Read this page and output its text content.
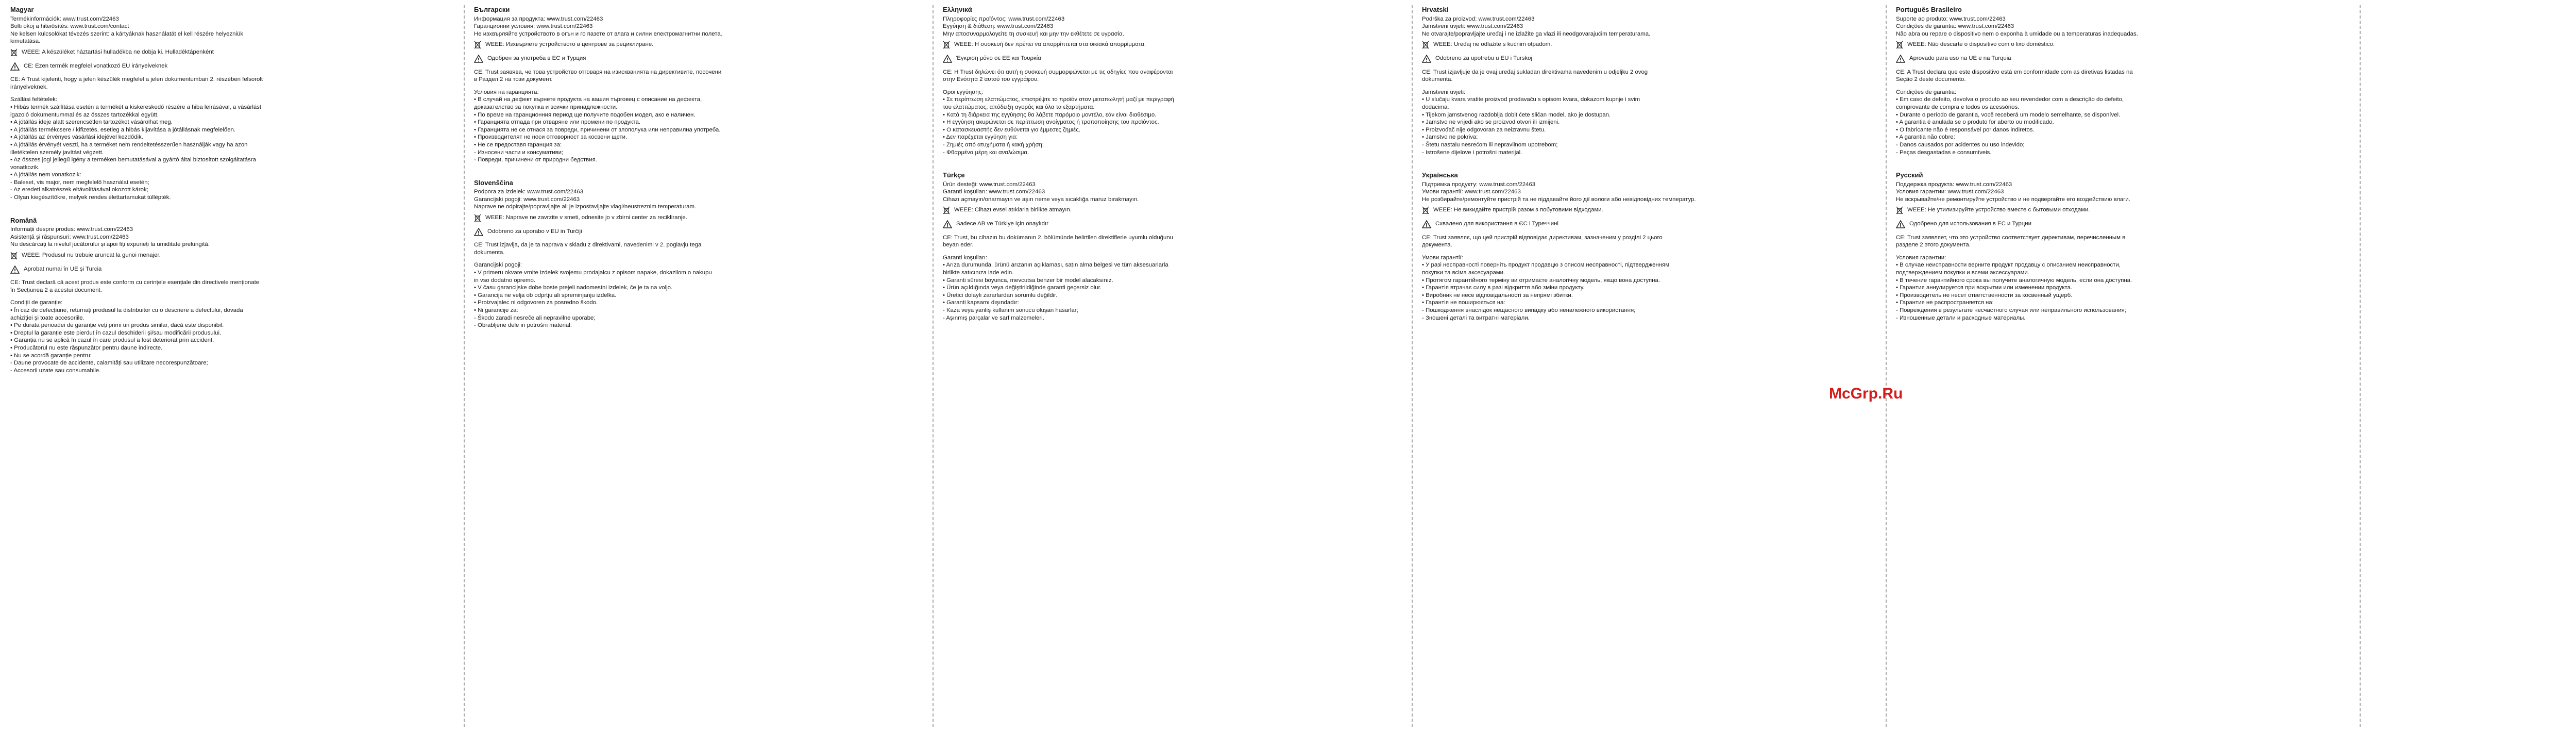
Magyar
Termékinformációk: www.trust.com/22463
Bolti okoj a hiteiösítés: www.trust.com/contact
Ne kelsen kulcsolókat tévezés szerint: a kártyáknak használatát el kell részére helyezniük
kimutatása.
WEEE: A készüléket háztartási hulladékba ne dobja ki. Hulladéktápenként
CE: Ezen termék megfelel vonatkozó EU irányelveknek
CE: A Trust kijelenti, hogy a jelen készülék megfelel a jelen dokumentumban 2. részében felsorolt
irányelveknek.
Szállási feltételek:
• Hibás termék szállítása esetén a termékét a kiskereskedő részére a hiba leírásával, a vásárlást
igazoló dokumentummal és az összes tartozékkal együtt.
• A jótállás ideje alatt szerencsétlen tartozékot vásárolhat meg.
• A jótállás termékcsere / kifizetés, esetleg a hibás kijavítása a jótállásnak megfelelően.
• A jótállás az érvényes vásárlási idejével kezdődik.
• A jótállás érvényét veszti, ha a terméket nem rendeltetésszerűen használják vagy ha azon
illetéktelen személy javítást végzett.
• Az összes jogi jellegű igény a terméken bemutatásával a gyártó által biztosított szolgáltatásra
vonatkozik.
• A jótállás nem vonatkozik:
- Baleset, vis major, nem megfelelő használat esetén;
- Az eredeti alkatrészek eltávolításával okozott károk;
- Olyan kiegészítőkre, melyek rendes élettartamukat túllépték.
Română
Informații despre produs: www.trust.com/22463
Asistență și răspunsuri: www.trust.com/22463
Nu descărcați la nivelul jucătorului și apoi fiți expuneți la umiditate prelungită.
WEEE: Produsul nu trebuie aruncat la gunoi menajer.
Aprobat numai în UE și Turcia
CE: Trust declară că acest produs este conform cu cerințele esențiale din directivele menționate
în Secțiunea 2 a acestui document.
Condiții de garanție:
• În caz de defecțiune, returnați produsul la distribuitor cu o descriere a defectului, dovada
achiziției și toate accesoriile.
• Pe durata perioadei de garanție veți primi un produs similar, dacă este disponibil.
• Dreptul la garanție este pierdut în cazul deschiderii și/sau modificării produsului.
• Garanția nu se aplică în cazul în care produsul a fost deteriorat prin accident.
• Producătorul nu este răspunzător pentru daune indirecte.
• Nu se acordă garanție pentru:
- Daune provocate de accidente, calamități sau utilizare necorespunzătoare;
- Accesorii uzate sau consumabile.
Български
Информация за продукта: www.trust.com/22463
Гаранционни условия: www.trust.com/22463
Не изхвърляйте устройството в огън и го пазете от влага и силни електромагнитни полета.
WEEE: Изхвърлете устройството в центрове за рециклиране.
Одобрен за употреба в ЕС и Турция
CE: Trust заявява, че това устройство отговаря на изискванията на директивите, посочени
в Раздел 2 на този документ.
Условия на гаранцията:
• В случай на дефект върнете продукта на вашия търговец с описание на дефекта,
доказателство за покупка и всички принадлежности.
• По време на гаранционния период ще получите подобен модел, ако е наличен.
• Гаранцията отпада при отваряне или промени по продукта.
• Гаранцията не се отнася за повреди, причинени от злополука или неправилна употреба.
• Производителят не носи отговорност за косвени щети.
• Не се предоставя гаранция за:
- Износени части и консумативи;
- Повреди, причинени от природни бедствия.
Slovenščina
Podpora za izdelek: www.trust.com/22463
Garancijski pogoji: www.trust.com/22463
Naprave ne odpirajte/popravljajte ali je izpostavljajte vlagi/neustreznim temperaturam.
WEEE: Naprave ne zavrzite v smeti, odnesite jo v zbirni center za recikliranje.
Odobreno za uporabo v EU in Turčiji
CE: Trust izjavlja, da je ta naprava v skladu z direktivami, navedenimi v 2. poglavju tega
dokumenta.
Garancijski pogoji:
• V primeru okvare vrnite izdelek svojemu prodajalcu z opisom napake, dokazilom o nakupu
in vso dodatno opremo.
• V času garancijske dobe boste prejeli nadomestni izdelek, če je ta na voljo.
• Garancija ne velja ob odprtju ali spreminjanju izdelka.
• Proizvajalec ni odgovoren za posredno škodo.
• Ni garancije za:
- Škodo zaradi nesreče ali nepravilne uporabe;
- Obrabljene dele in potrošni material.
Ελληνικά
Πληροφορίες προϊόντος: www.trust.com/22463
Εγγύηση & διάθεση: www.trust.com/22463
Μην αποσυναρμολογείτε τη συσκευή και μην την εκθέτετε σε υγρασία.
WEEE: Η συσκευή δεν πρέπει να απορρίπτεται στα οικιακά απορρίμματα.
Έγκριση μόνο σε ΕΕ και Τουρκία
CE: Η Trust δηλώνει ότι αυτή η συσκευή συμμορφώνεται με τις οδηγίες που αναφέρονται
στην Ενότητα 2 αυτού του εγγράφου.
Όροι εγγύησης:
• Σε περίπτωση ελαττώματος, επιστρέψτε το προϊόν στον μεταπωλητή μαζί με περιγραφή
του ελαττώματος, απόδειξη αγοράς και όλα τα εξαρτήματα.
• Κατά τη διάρκεια της εγγύησης θα λάβετε παρόμοιο μοντέλο, εάν είναι διαθέσιμο.
• Η εγγύηση ακυρώνεται σε περίπτωση ανοίγματος ή τροποποίησης του προϊόντος.
• Ο κατασκευαστής δεν ευθύνεται για έμμεσες ζημιές.
• Δεν παρέχεται εγγύηση για:
- Ζημιές από ατυχήματα ή κακή χρήση;
- Φθαρμένα μέρη και αναλώσιμα.
Türkçe
Ürün desteği: www.trust.com/22463
Garanti koşulları: www.trust.com/22463
Cihazı açmayın/onarmayın ve aşırı neme veya sıcaklığa maruz bırakmayın.
WEEE: Cihazı evsel atıklarla birlikte atmayın.
Sadece AB ve Türkiye için onaylıdır
CE: Trust, bu cihazın bu dokümanın 2. bölümünde belirtilen direktiflerle uyumlu olduğunu
beyan eder.
Garanti koşulları:
• Arıza durumunda, ürünü arızanın açıklaması, satın alma belgesi ve tüm aksesuarlarla
birlikte satıcınıza iade edin.
• Garanti süresi boyunca, mevcutsa benzer bir model alacaksınız.
• Ürün açıldığında veya değiştirildiğinde garanti geçersiz olur.
• Üretici dolaylı zararlardan sorumlu değildir.
• Garanti kapsamı dışındadır:
- Kaza veya yanlış kullanım sonucu oluşan hasarlar;
- Aşınmış parçalar ve sarf malzemeleri.
Hrvatski
Podrška za proizvod: www.trust.com/22463
Jamstveni uvjeti: www.trust.com/22463
Ne otvarajte/popravljajte uređaj i ne izlažite ga vlazi ili neodgovarajućim temperaturama.
WEEE: Uređaj ne odlažite s kućnim otpadom.
Odobreno za upotrebu u EU i Turskoj
CE: Trust izjavljuje da je ovaj uređaj sukladan direktivama navedenim u odjeljku 2 ovog
dokumenta.
Jamstveni uvjeti:
• U slučaju kvara vratite proizvod prodavaču s opisom kvara, dokazom kupnje i svim
dodacima.
• Tijekom jamstvenog razdoblja dobit ćete sličan model, ako je dostupan.
• Jamstvo ne vrijedi ako se proizvod otvori ili izmijeni.
• Proizvođač nije odgovoran za neizravnu štetu.
• Jamstvo ne pokriva:
- Štetu nastalu nesrećom ili nepravilnom upotrebom;
- Istrošene dijelove i potrošni materijal.
Українська
Підтримка продукту: www.trust.com/22463
Умови гарантії: www.trust.com/22463
Не розбирайте/ремонтуйте пристрій та не піддавайте його дії вологи або невідповідних температур.
WEEE: Не викидайте пристрій разом з побутовими відходами.
Схвалено для використання в ЄС і Туреччині
CE: Trust заявляє, що цей пристрій відповідає директивам, зазначеним у розділі 2 цього
документа.
Умови гарантії:
• У разі несправності поверніть продукт продавцю з описом несправності, підтвердженням
покупки та всіма аксесуарами.
• Протягом гарантійного терміну ви отримаєте аналогічну модель, якщо вона доступна.
• Гарантія втрачає силу в разі відкриття або зміни продукту.
• Виробник не несе відповідальності за непрямі збитки.
• Гарантія не поширюється на:
- Пошкодження внаслідок нещасного випадку або неналежного використання;
- Зношені деталі та витратні матеріали.
Português Brasileiro
Suporte ao produto: www.trust.com/22463
Condições de garantia: www.trust.com/22463
Não abra ou repare o dispositivo nem o exponha à umidade ou a temperaturas inadequadas.
WEEE: Não descarte o dispositivo com o lixo doméstico.
Aprovado para uso na UE e na Turquia
CE: A Trust declara que este dispositivo está em conformidade com as diretivas listadas na
Seção 2 deste documento.
Condições de garantia:
• Em caso de defeito, devolva o produto ao seu revendedor com a descrição do defeito,
comprovante de compra e todos os acessórios.
• Durante o período de garantia, você receberá um modelo semelhante, se disponível.
• A garantia é anulada se o produto for aberto ou modificado.
• O fabricante não é responsável por danos indiretos.
• A garantia não cobre:
- Danos causados por acidentes ou uso indevido;
- Peças desgastadas e consumíveis.
Русский
Поддержка продукта: www.trust.com/22463
Условия гарантии: www.trust.com/22463
Не вскрывайте/не ремонтируйте устройство и не подвергайте его воздействию влаги.
WEEE: Не утилизируйте устройство вместе с бытовыми отходами.
Одобрено для использования в ЕС и Турции
CE: Trust заявляет, что это устройство соответствует директивам, перечисленным в
разделе 2 этого документа.
Условия гарантии:
• В случае неисправности верните продукт продавцу с описанием неисправности,
подтверждением покупки и всеми аксессуарами.
• В течение гарантийного срока вы получите аналогичную модель, если она доступна.
• Гарантия аннулируется при вскрытии или изменении продукта.
• Производитель не несет ответственности за косвенный ущерб.
• Гарантия не распространяется на:
- Повреждения в результате несчастного случая или неправильного использования;
- Изношенные детали и расходные материалы.
McGrp.Ru
